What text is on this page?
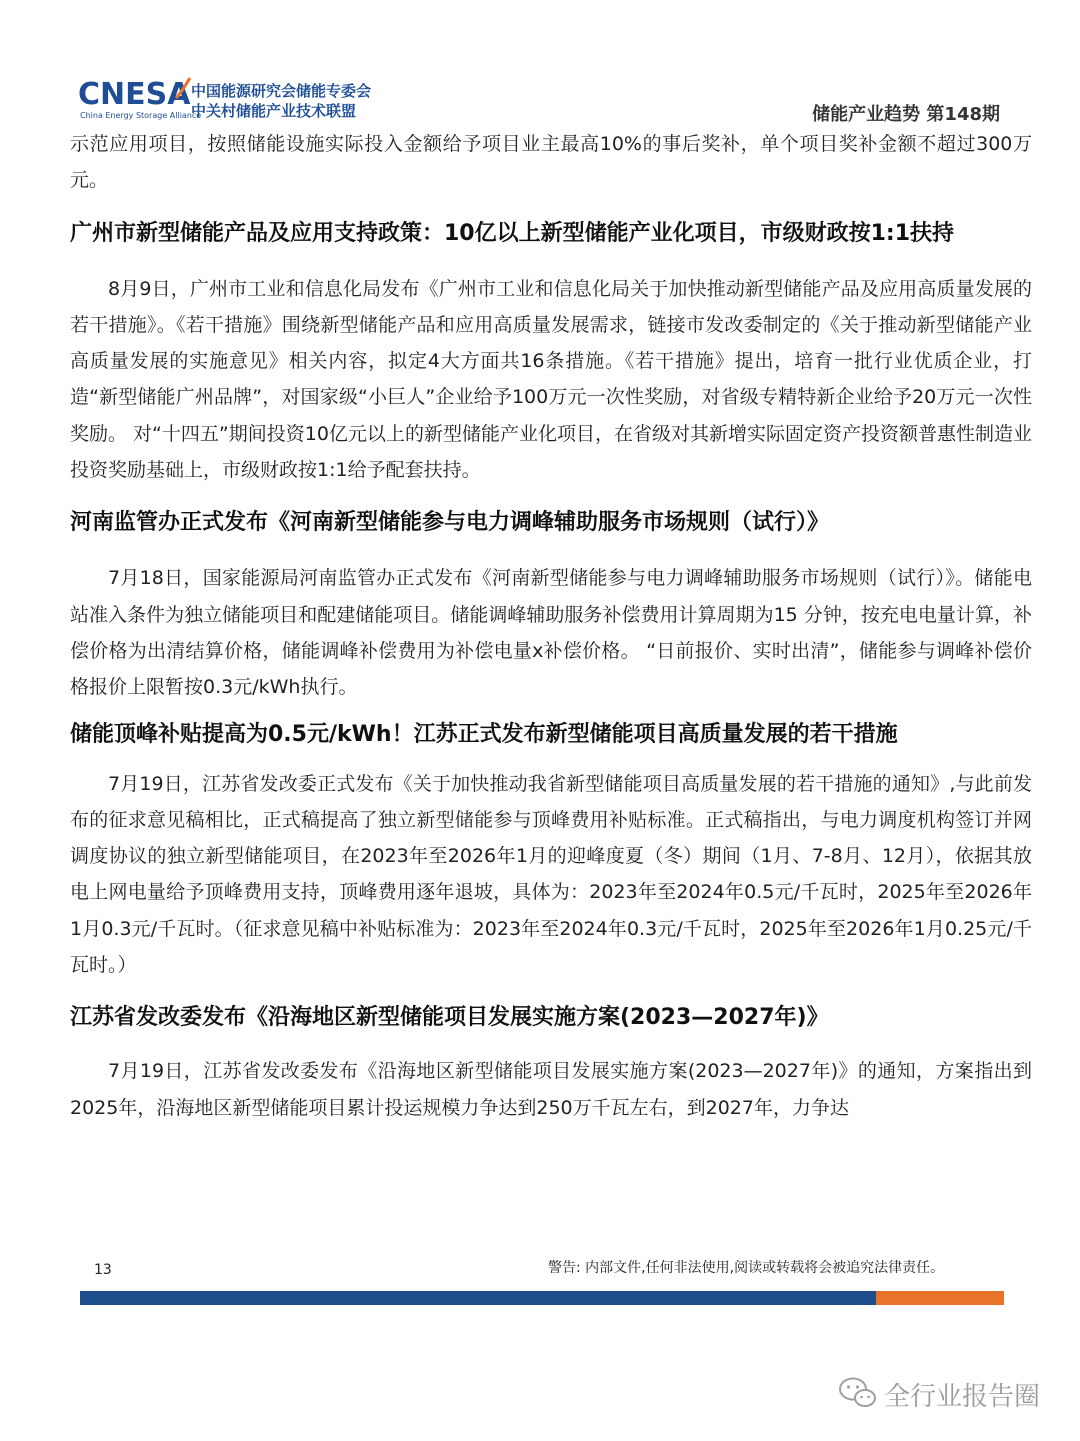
CNESA
China Energy Storage Alliance
中国能源研究会储能专委会
中关村储能产业技术联盟	储能产业趋势 第148期

示范应用项目，按照储能设施实际投入金额给予项目业主最高10%的事后奖补，单个项目奖补金额不超过300万元。

广州市新型储能产品及应用支持政策：10亿以上新型储能产业化项目，市级财政按1:1扶持

8月9日，广州市工业和信息化局发布《广州市工业和信息化局关于加快推动新型储能产品及应用高质量发展的若干措施》。《若干措施》围绕新型储能产品和应用高质量发展需求，链接市发改委制定的《关于推动新型储能产业高质量发展的实施意见》相关内容，拟定4大方面共16条措施。《若干措施》提出，培育一批行业优质企业，打造“新型储能广州品牌”，对国家级“小巨人”企业给予100万元一次性奖励，对省级专精特新企业给予20万元一次性奖励。 对“十四五”期间投资10亿元以上的新型储能产业化项目，在省级对其新增实际固定资产投资额普惠性制造业投资奖励基础上，市级财政按1:1给予配套扶持。

河南监管办正式发布《河南新型储能参与电力调峰辅助服务市场规则（试行）》

7月18日，国家能源局河南监管办正式发布《河南新型储能参与电力调峰辅助服务市场规则（试行）》。储能电站准入条件为独立储能项目和配建储能项目。储能调峰辅助服务补偿费用计算周期为15 分钟，按充电电量计算，补偿价格为出清结算价格，储能调峰补偿费用为补偿电量x补偿价格。 “日前报价、实时出清”，储能参与调峰补偿价格报价上限暂按0.3元/kWh执行。

储能顶峰补贴提高为0.5元/kWh！江苏正式发布新型储能项目高质量发展的若干措施

7月19日，江苏省发改委正式发布《关于加快推动我省新型储能项目高质量发展的若干措施的通知》,与此前发布的征求意见稿相比，正式稿提高了独立新型储能参与顶峰费用补贴标准。正式稿指出，与电力调度机构签订并网调度协议的独立新型储能项目，在2023年至2026年1月的迎峰度夏（冬）期间（1月、7-8月、12月），依据其放电上网电量给予顶峰费用支持，顶峰费用逐年退坡，具体为：2023年至2024年0.5元/千瓦时，2025年至2026年1月0.3元/千瓦时。（征求意见稿中补贴标准为：2023年至2024年0.3元/千瓦时，2025年至2026年1月0.25元/千瓦时。）

江苏省发改委发布《沿海地区新型储能项目发展实施方案(2023—2027年)》

7月19日，江苏省发改委发布《沿海地区新型储能项目发展实施方案(2023—2027年)》的通知，方案指出到2025年，沿海地区新型储能项目累计投运规模力争达到250万千瓦左右，到2027年，力争达

13	警告: 内部文件,任何非法使用,阅读或转载将会被追究法律责任。
全行业报告圈
